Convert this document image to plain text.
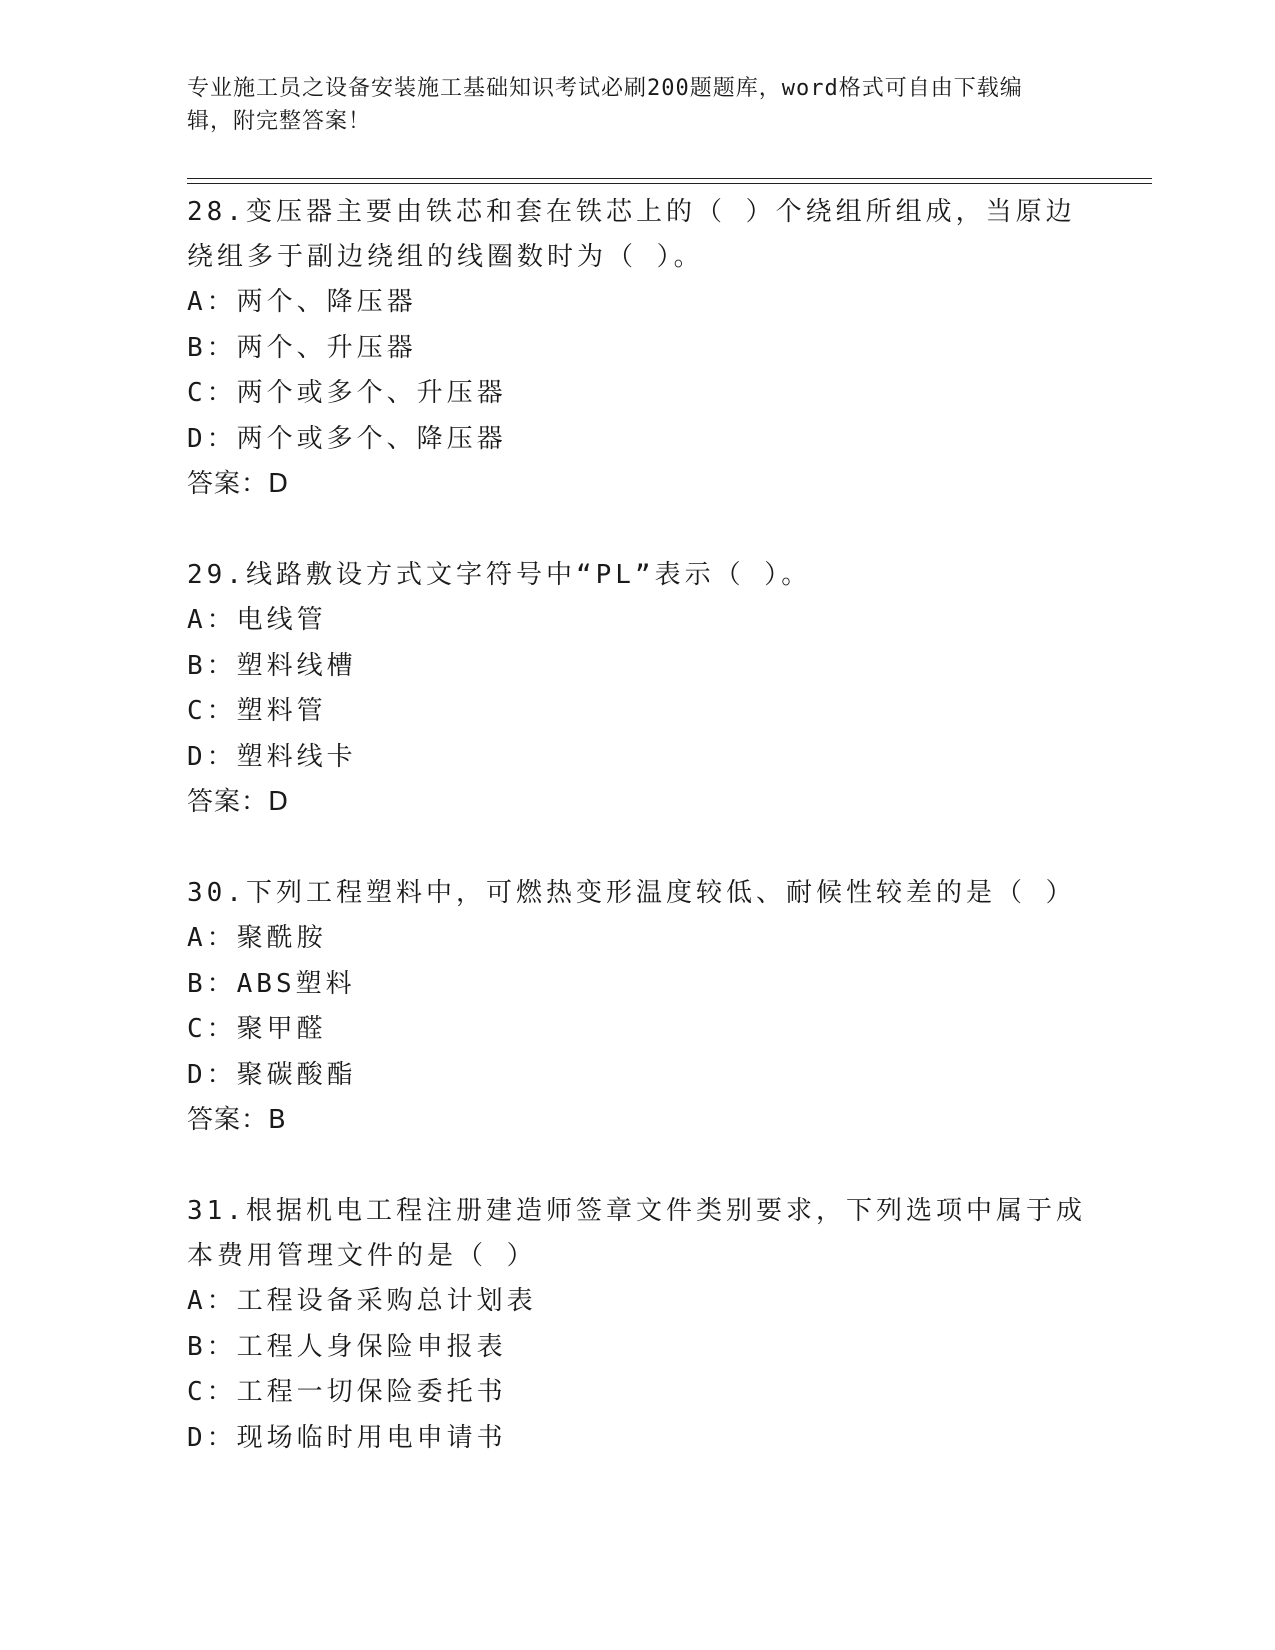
专业施工员之设备安装施工基础知识考试必刷200题题库，word格式可自由下载编辑，附完整答案！

28.变压器主要由铁芯和套在铁芯上的（ ）个绕组所组成，当原边绕组多于副边绕组的线圈数时为（ ）。

A：两个、降压器

B：两个、升压器

C：两个或多个、升压器

D：两个或多个、降压器

答案：D

29.线路敷设方式文字符号中“PL”表示（ ）。

A：电线管

B：塑料线槽

C：塑料管

D：塑料线卡

答案：D

30.下列工程塑料中，可燃热变形温度较低、耐候性较差的是（ ）

A：聚酰胺

B：ABS塑料

C：聚甲醛

D：聚碳酸酯

答案：B

31.根据机电工程注册建造师签章文件类别要求，下列选项中属于成本费用管理文件的是（ ）

A：工程设备采购总计划表

B：工程人身保险申报表

C：工程一切保险委托书

D：现场临时用电申请书
